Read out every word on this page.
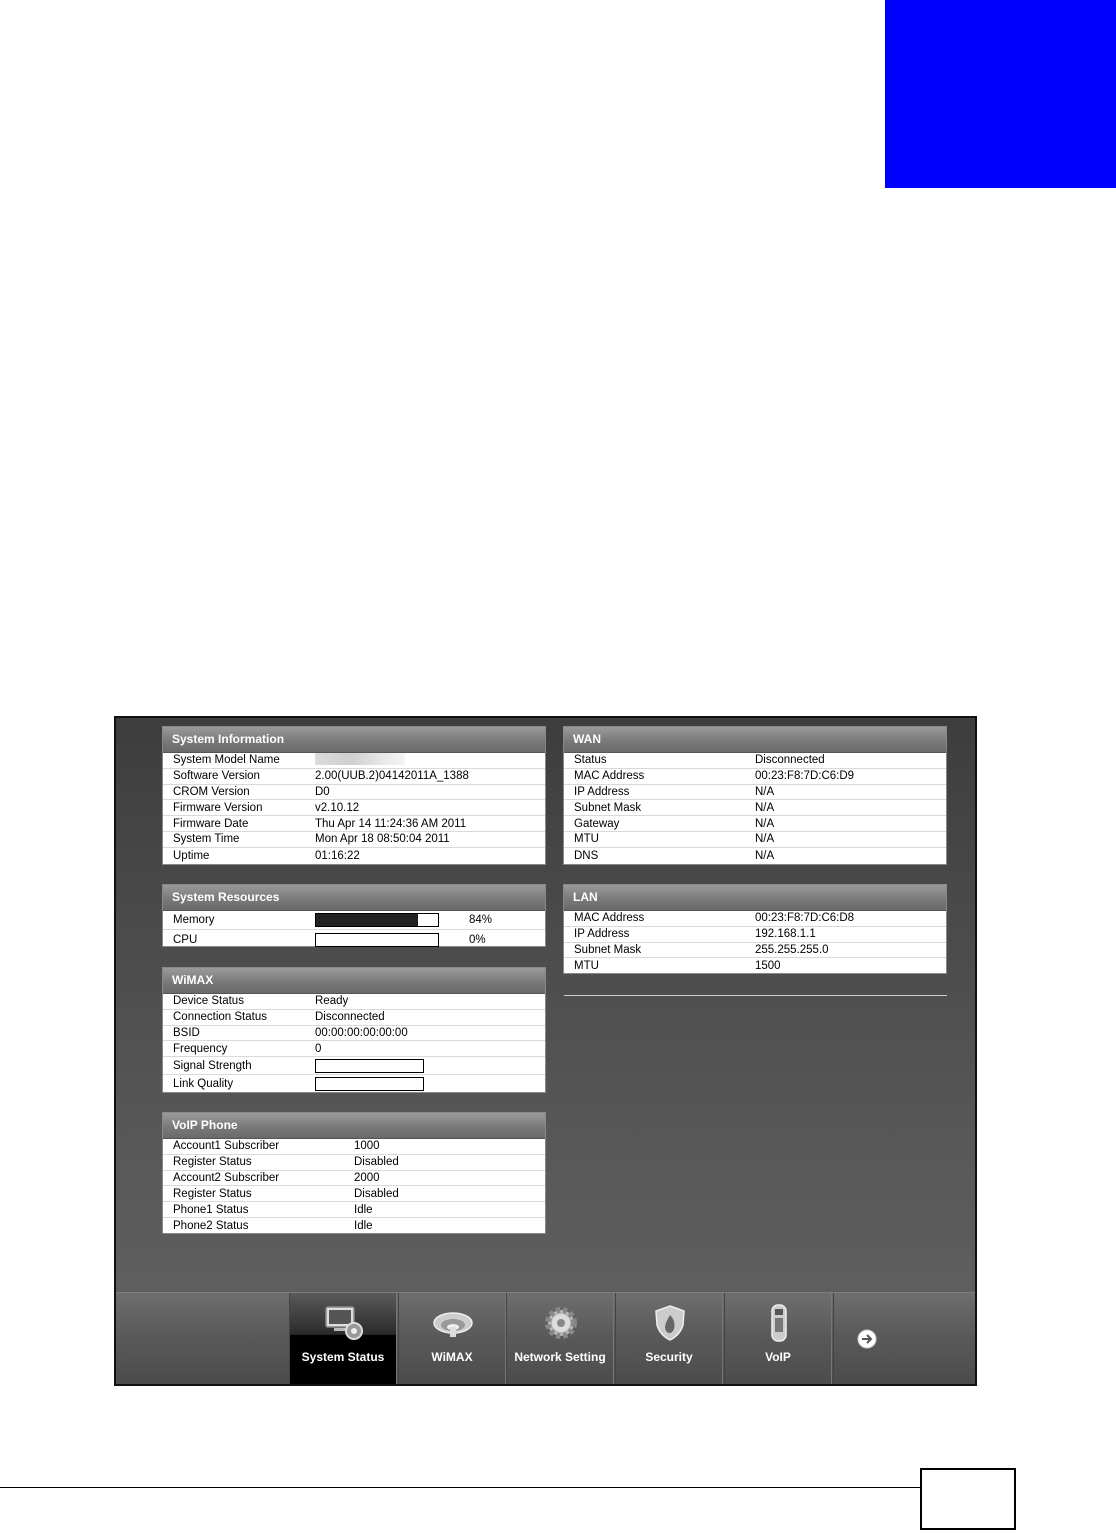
System Information
System Model Name
Software Version	2.00(UUB.2)04142011A_1388
CROM Version	D0
Firmware Version	v2.10.12
Firmware Date	Thu Apr 14 11:24:36 AM 2011
System Time	Mon Apr 18 08:50:04 2011
Uptime	01:16:22
System Resources
Memory	84%
CPU	0%
WiMAX
Device Status	Ready
Connection Status	Disconnected
BSID	00:00:00:00:00:00
Frequency	0
Signal Strength
Link Quality
VoIP Phone
Account1 Subscriber	1000
Register Status	Disabled
Account2 Subscriber	2000
Register Status	Disabled
Phone1 Status	Idle
Phone2 Status	Idle
WAN
Status	Disconnected
MAC Address	00:23:F8:7D:C6:D9
IP Address	N/A
Subnet Mask	N/A
Gateway	N/A
MTU	N/A
DNS	N/A
LAN
MAC Address	00:23:F8:7D:C6:D8
IP Address	192.168.1.1
Subnet Mask	255.255.255.0
MTU	1500
System Status	WiMAX	Network Setting	Security	VoIP
